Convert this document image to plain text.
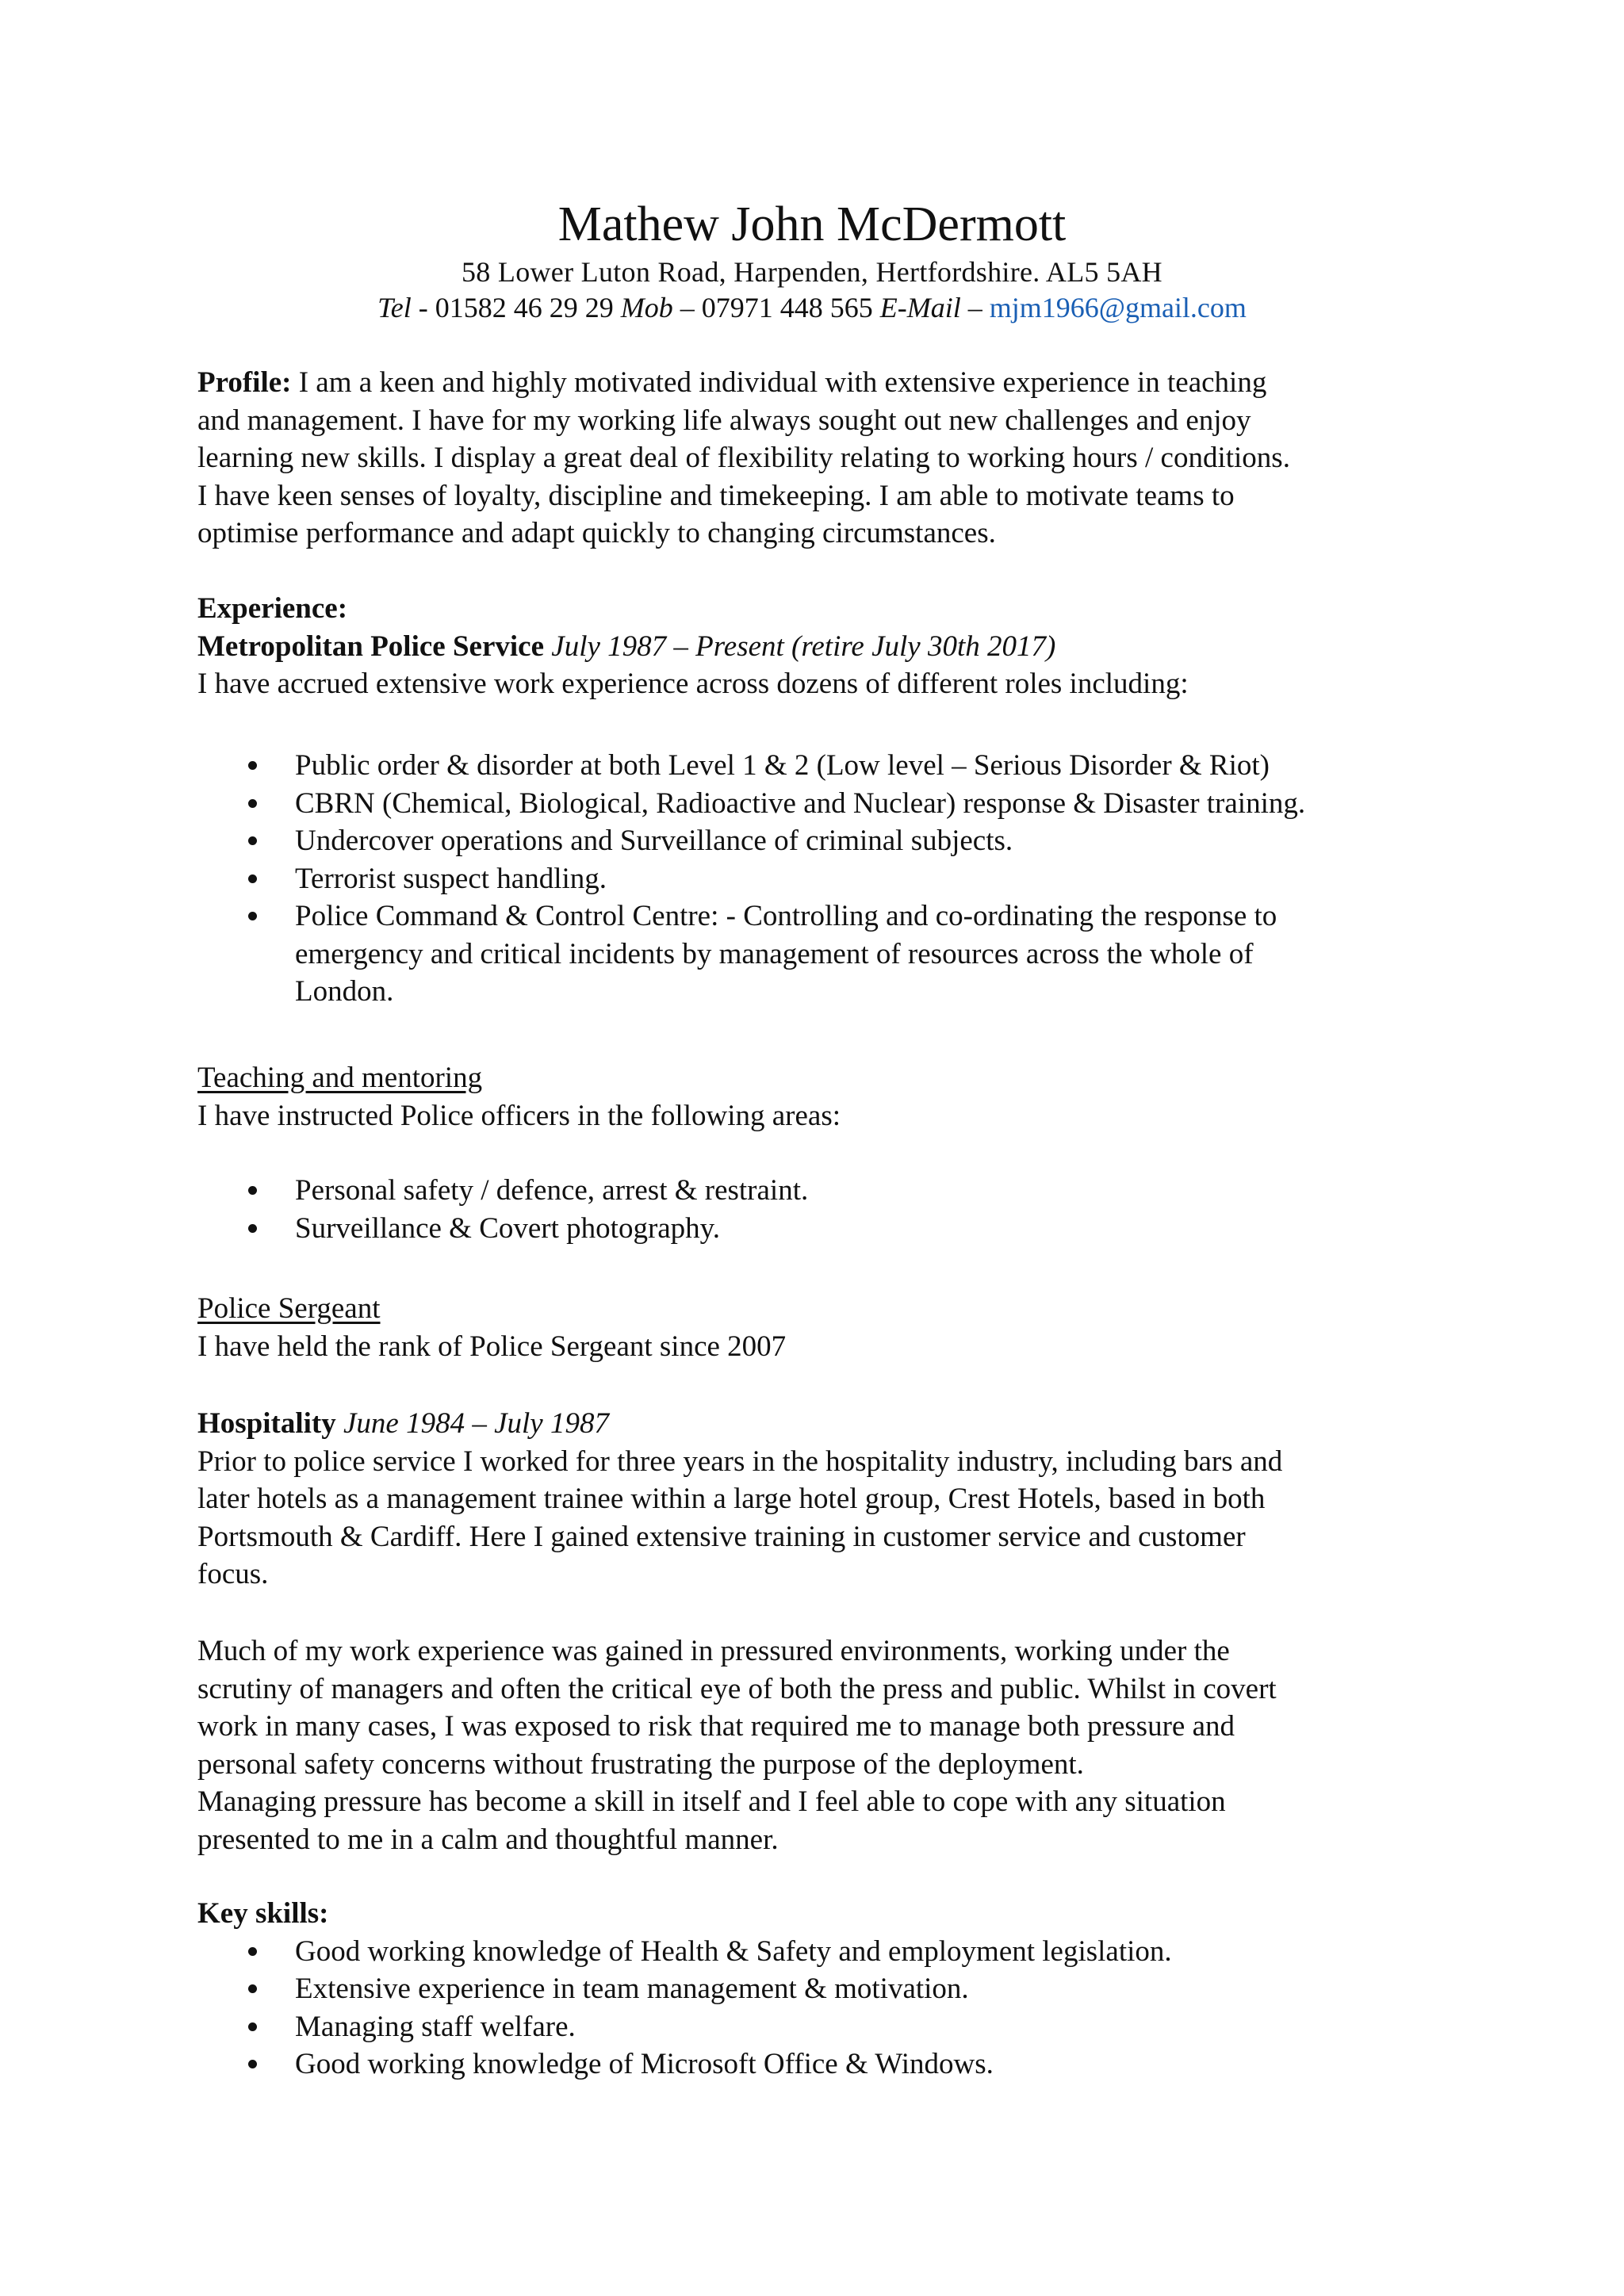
Mathew John McDermott
58 Lower Luton Road, Harpenden, Hertfordshire. AL5 5AH
Tel - 01582 46 29 29 Mob – 07971 448 565 E-Mail – mjm1966@gmail.com

Profile: I am a keen and highly motivated individual with extensive experience in teaching

and management. I have for my working life always sought out new challenges and enjoy

learning new skills. I display a great deal of flexibility relating to working hours / conditions.

I have keen senses of loyalty, discipline and timekeeping. I am able to motivate teams to

optimise performance and adapt quickly to changing circumstances.

Experience:

Metropolitan Police Service July 1987 – Present (retire July 30th 2017)

I have accrued extensive work experience across dozens of different roles including:

Public order & disorder at both Level 1 & 2 (Low level – Serious Disorder & Riot)
CBRN (Chemical, Biological, Radioactive and Nuclear) response & Disaster training.
Undercover operations and Surveillance of criminal subjects.
Terrorist suspect handling.
Police Command & Control Centre: - Controlling and co-ordinating the response to
emergency and critical incidents by management of resources across the whole of
London.

Teaching and mentoring

I have instructed Police officers in the following areas:

Personal safety / defence, arrest & restraint.
Surveillance & Covert photography.

Police Sergeant

I have held the rank of Police Sergeant since 2007

Hospitality June 1984 – July 1987

Prior to police service I worked for three years in the hospitality industry, including bars and

later hotels as a management trainee within a large hotel group, Crest Hotels, based in both

Portsmouth & Cardiff. Here I gained extensive training in customer service and customer

focus.

Much of my work experience was gained in pressured environments, working under the

scrutiny of managers and often the critical eye of both the press and public. Whilst in covert

work in many cases, I was exposed to risk that required me to manage both pressure and

personal safety concerns without frustrating the purpose of the deployment.

Managing pressure has become a skill in itself and I feel able to cope with any situation

presented to me in a calm and thoughtful manner.

Key skills:

Good working knowledge of Health & Safety and employment legislation.
Extensive experience in team management & motivation.
Managing staff welfare.
Good working knowledge of Microsoft Office & Windows.
